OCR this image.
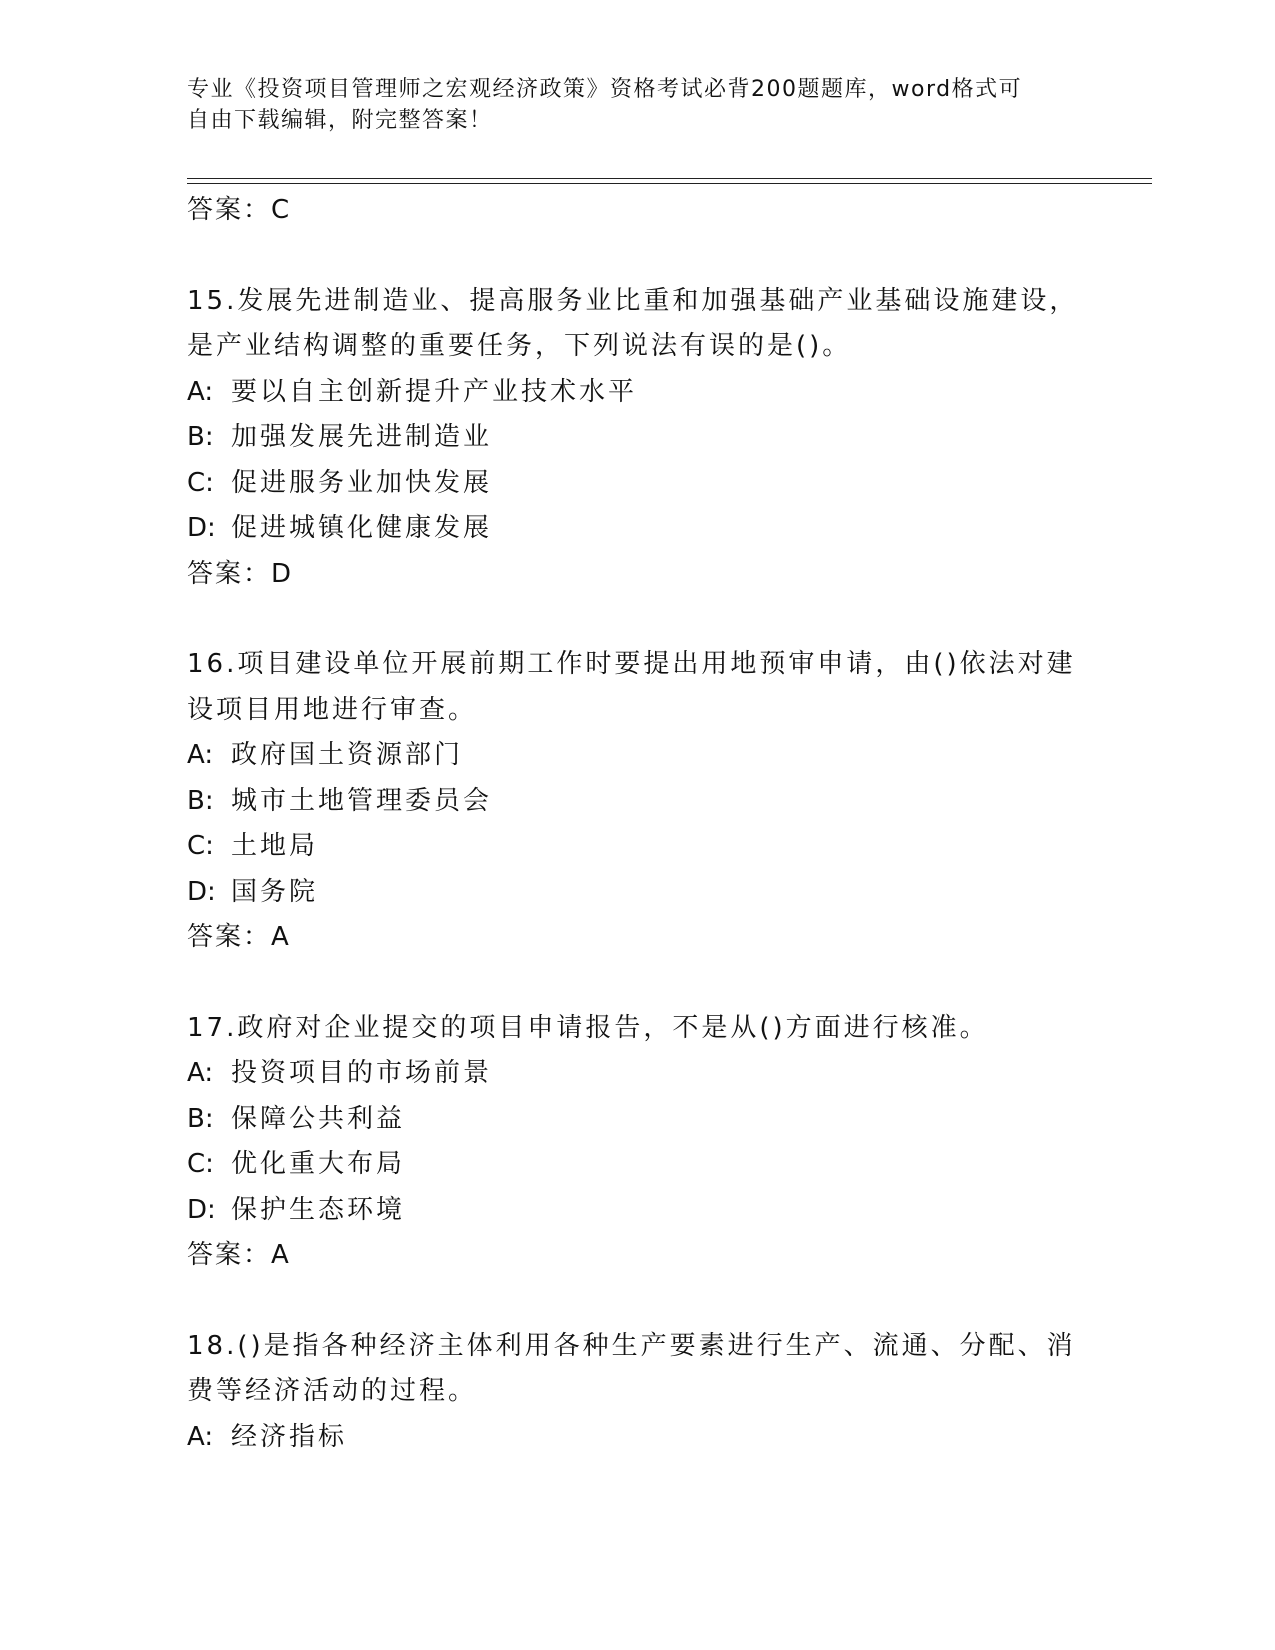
专业《投资项目管理师之宏观经济政策》资格考试必背200题题库，word格式可
自由下载编辑，附完整答案！
答案：C
15.发展先进制造业、提高服务业比重和加强基础产业基础设施建设，
是产业结构调整的重要任务，下列说法有误的是()。
A: 要以自主创新提升产业技术水平
B: 加强发展先进制造业
C: 促进服务业加快发展
D: 促进城镇化健康发展
答案：D
16.项目建设单位开展前期工作时要提出用地预审申请，由()依法对建
设项目用地进行审查。
A: 政府国土资源部门
B: 城市土地管理委员会
C: 土地局
D: 国务院
答案：A
17.政府对企业提交的项目申请报告，不是从()方面进行核准。
A: 投资项目的市场前景
B: 保障公共利益
C: 优化重大布局
D: 保护生态环境
答案：A
18.()是指各种经济主体利用各种生产要素进行生产、流通、分配、消
费等经济活动的过程。
A: 经济指标
